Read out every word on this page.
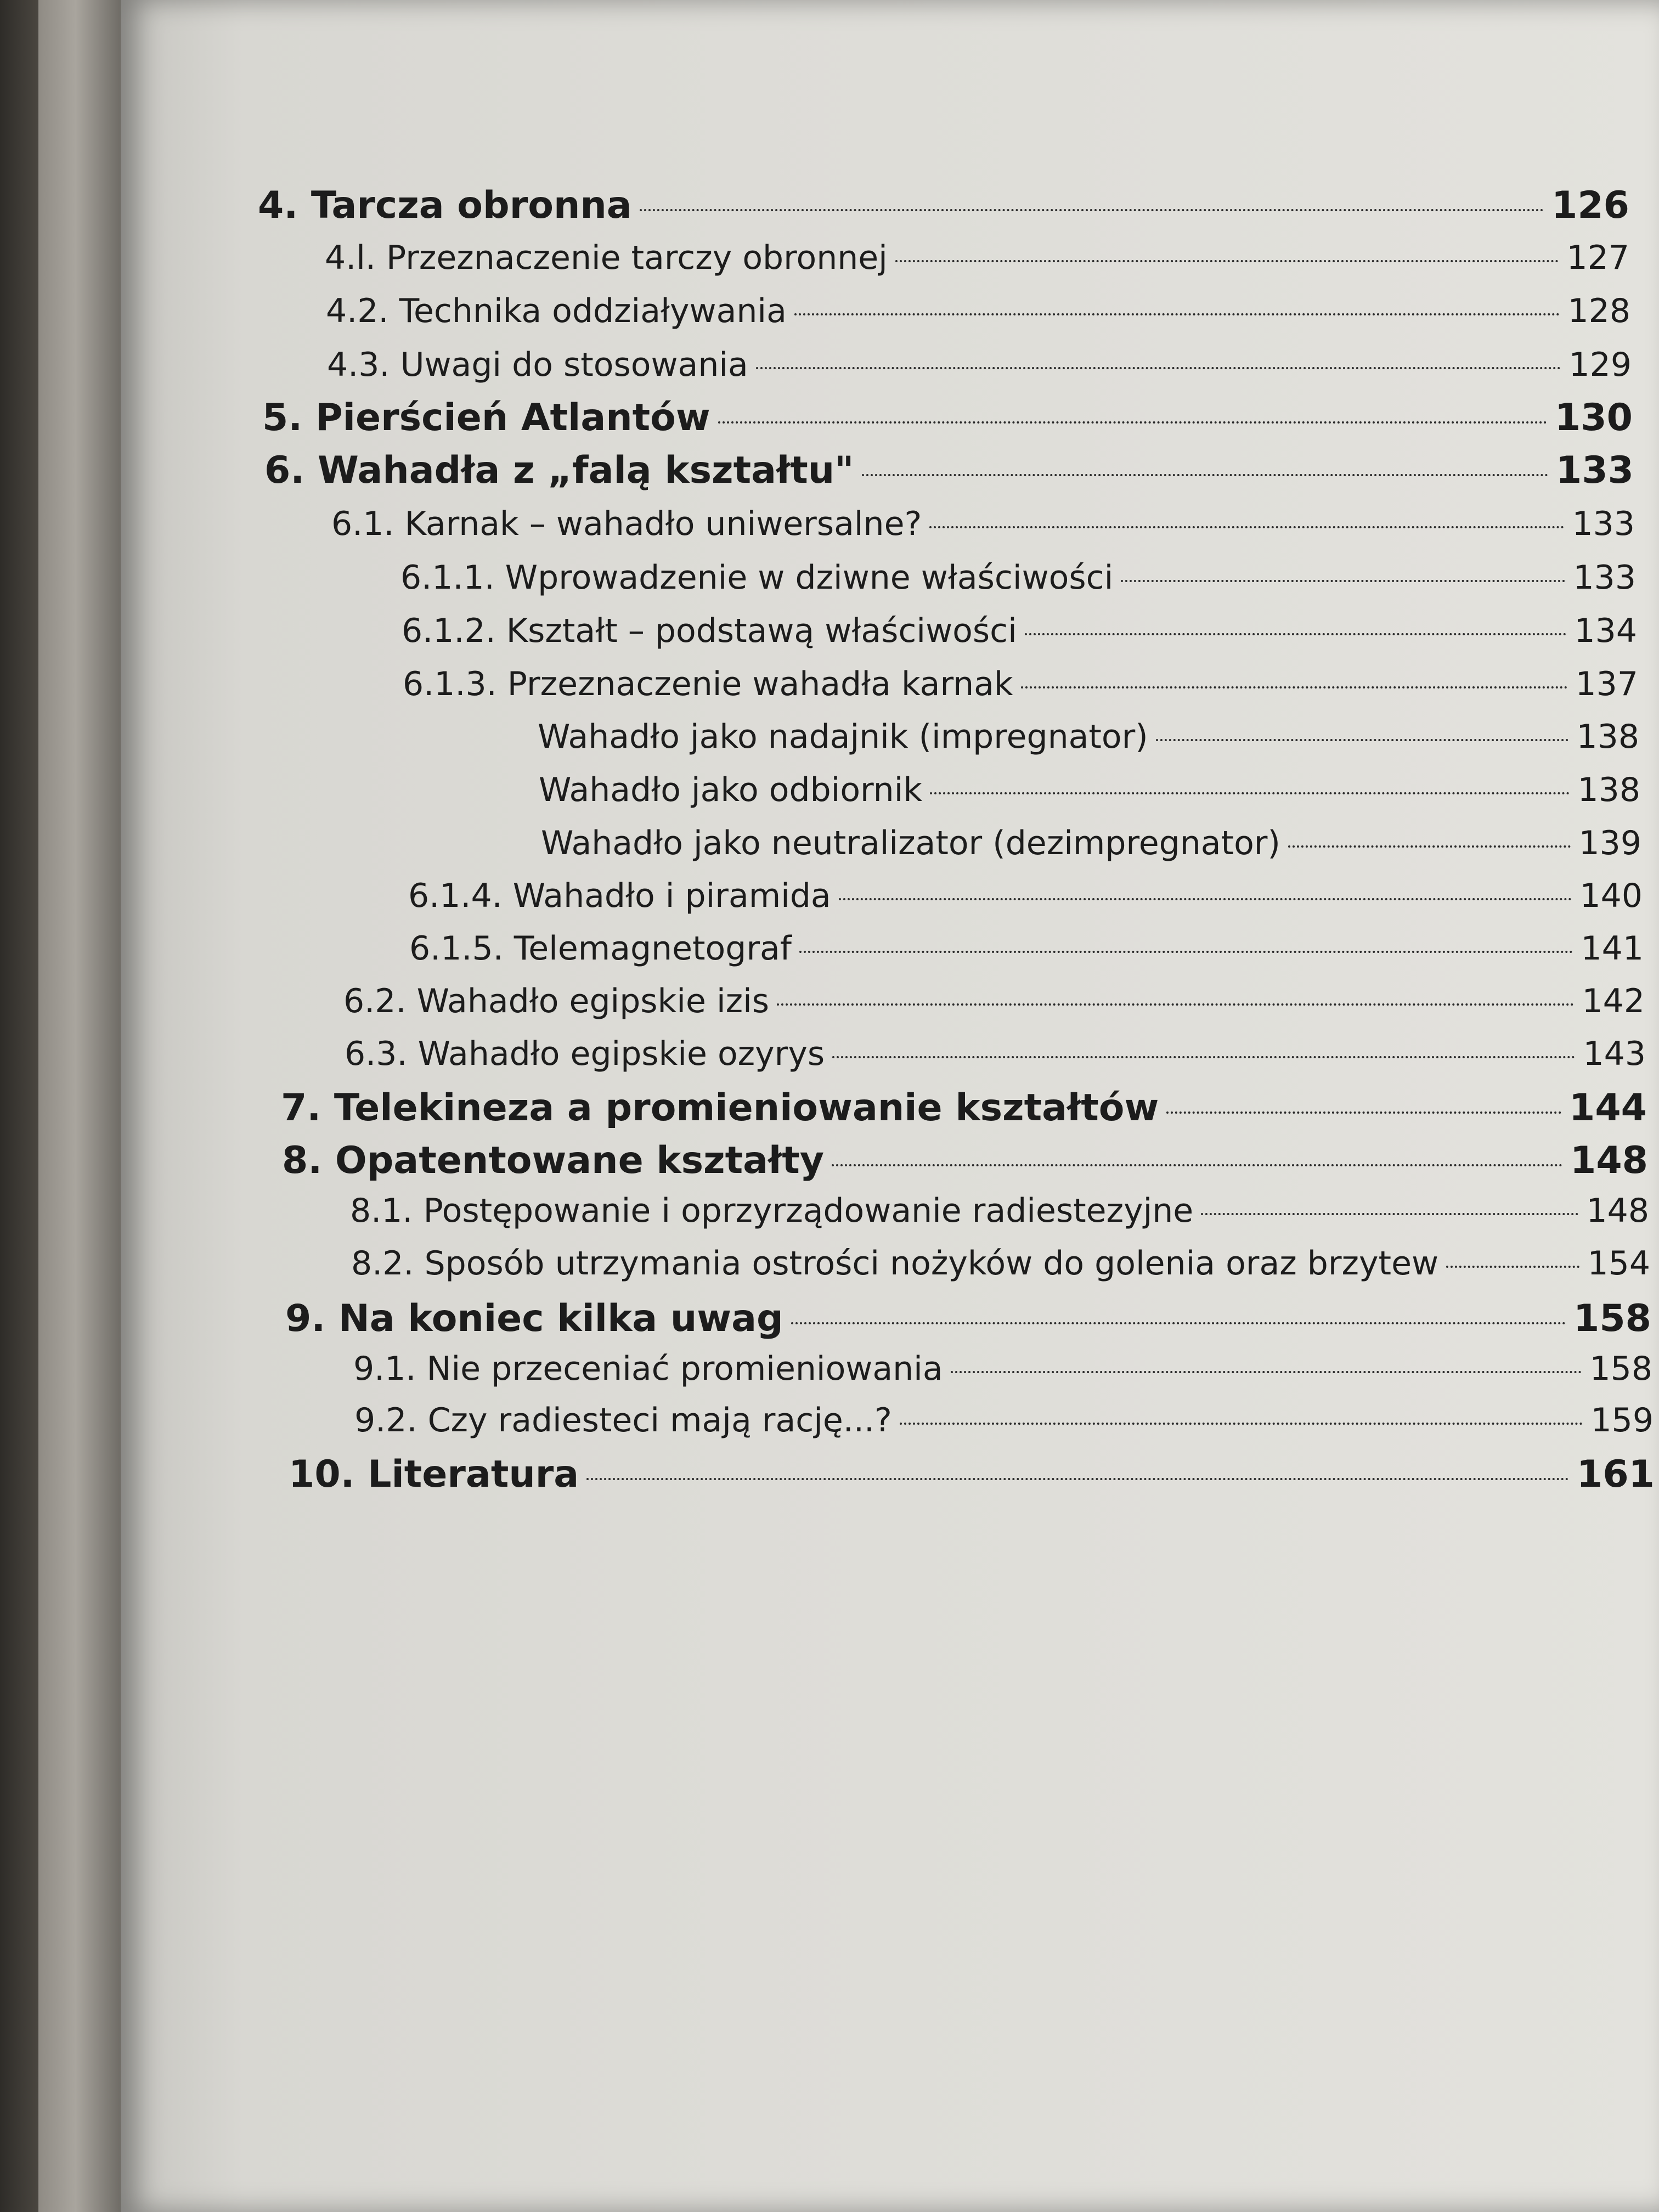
4. Tarcza obronna	126
4.l. Przeznaczenie tarczy obronnej	127
4.2. Technika oddziaływania	128
4.3. Uwagi do stosowania	129
5. Pierścień Atlantów	130
6. Wahadła z „falą kształtu"	133
6.1. Karnak – wahadło uniwersalne?	133
6.1.1. Wprowadzenie w dziwne właściwości	133
6.1.2. Kształt – podstawą właściwości	134
6.1.3. Przeznaczenie wahadła karnak	137
Wahadło jako nadajnik (impregnator)	138
Wahadło jako odbiornik	138
Wahadło jako neutralizator (dezimpregnator)	139
6.1.4. Wahadło i piramida	140
6.1.5. Telemagnetograf	141
6.2. Wahadło egipskie izis	142
6.3. Wahadło egipskie ozyrys	143
7. Telekineza a promieniowanie kształtów	144
8. Opatentowane kształty	148
8.1. Postępowanie i oprzyrządowanie radiestezyjne	148
8.2. Sposób utrzymania ostrości nożyków do golenia oraz brzytew	154
9. Na koniec kilka uwag	158
9.1. Nie przeceniać promieniowania	158
9.2. Czy radiesteci mają rację...?	159
10. Literatura	161
